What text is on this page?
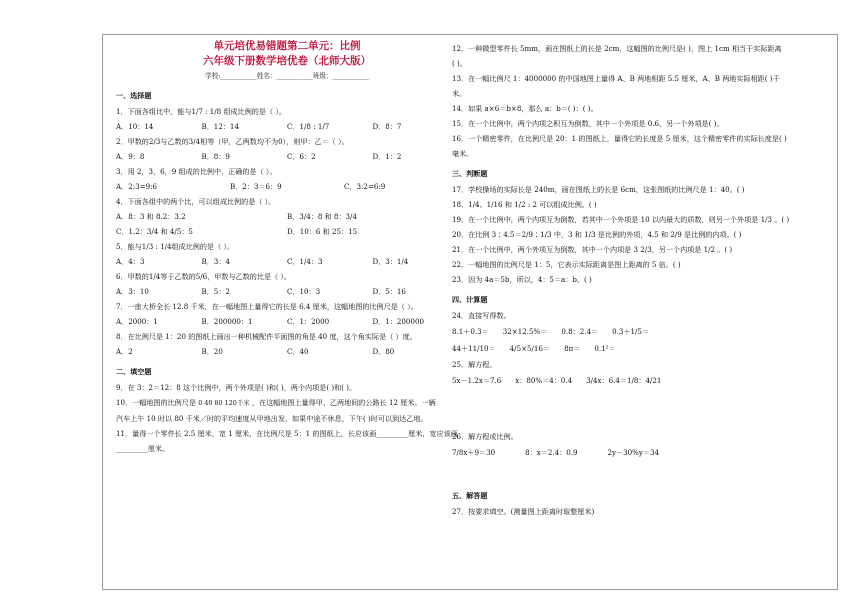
单元培优易错题第二单元：比例
六年级下册数学培优卷（北师大版）
学校:___________姓名：___________班级：___________
一、选择题
1．下面各组比中，能与1/7 : 1/8 组成比例的是（ ）。
A．10：14	B．12：14	C．1/8 : 1/7	D．8：7
2．甲数的2/3与乙数的3/4相等（甲，乙两数均不为0），则甲：乙＝（ ）。
A．9：8	B．8：9	C．6：2	D．1：2
3．用 2，3，6，9 组成的比例中，正确的是（ ）。
A．2:3=9:6	B．2：3＝6：9	C．3:2=6:9
4．下面各组中的两个比，可以组成比例的是（ ）。
A．8：3 和 8.2：3.2	B．3/4：8 和 8：3/4
C．1.2：3/4 和 4/5：5	D．10：6 和 25：15
5．能与1/3 : 1/4组成比例的是（ ）。
A．4：3	B．3：4	C．1/4：3	D．3：1/4
6．甲数的1/4等于乙数的5/6，甲数与乙数的比是（ ）。
A．3：10	B．5：2	C．10：3	D．5：16
7．一座大桥全长 12.8 千米，在一幅地图上量得它的长是 6.4 厘米，这幅地图的比例尺是（ ）。
A．2000：1	B．200000：1	C．1：2000	D．1：200000
8．在比例尺是 1：20 的图纸上画出一种机械配件平面图的角是 40 度，这个角实际是（ ）度。
A．2	B．20	C．40	D．80
二、填空题
9．在 3：2＝12：8 这个比例中，两个外项是( )和( )，两个内项是( )和( )。
10．一幅地图的比例尺是 0 40 80 120千米 ，在这幅地图上量得甲、乙两地间的公路长 12 厘米。一辆
汽车上午 10 时以 80 千米／时的平均速度从甲地出发，如果中途不休息，下午( )时可以到达乙地。
11．量得一个零件长 2.5 厘米，宽 1 厘米，在比例尺是 5：1 的图纸上，长应该画_________厘米，宽应该画
_________厘米。
12．一种微型零件长 5mm，画在图纸上的长是 2cm，这幅图的比例尺是( )，图上 1cm 相当于实际距离
( )。
13．在一幅比例尺 1：4000000 的中国地图上量得 A、B 两地相距 5.5 厘米，A、B 两地实际相距( )千
米。
14．如果 a×6＝b×8，那么 a：b＝( )：( )。
15．在一个比例中，两个内项之积互为倒数，其中一个外项是 0.6，另一个外项是( )。
16．一个精密零件，在比例尺是 20：1 的图纸上，量得它的长度是 5 厘米，这个精密零件的实际长度是( )
毫米。
三、判断题
17．学校操场的实际长是 240m，画在图纸上的长是 6cm，这张图纸的比例尺是 1：40。( )
18．1/4、1/16 和 1/2 : 2 可以组成比例。( )
19．在一个比例中，两个内项互为倒数，若其中一个外项是 10 以内最大的质数，则另一个外项是 1/3 。( )
20．在比例 3∶4.5＝2/9∶1/3 中，3 和 1/3 是比例的外项，4.5 和 2/9 是比例的内项。( )
21．在一个比例中，两个外项互为倒数，其中一个内项是 3 2/3，另一个内项是 1/2 。( )
22．一幅地图的比例尺是 1：5，它表示实际距离是图上距离的 5 倍。( )
23．因为 4a＝5b，所以，4：5＝a：b。( )
四、计算题
24．直接写得数。
8.1＋0.3＝ 32×12.5%＝ 0.8：2.4＝ 0.3＋1/5＝
44＋11/10＝ 4/5×5/16＝ 8π＝ 0.1²＝
25．解方程。
5x－1.2x＝7.6 x：80%＝4：0.4 3/4x：6.4＝1/8：4/21
26．解方程或比例。
7/8x＋9＝30	8：x＝2.4：0.9	2y－30%y＝34
五、解答题
27．按要求填空。(测量图上距离时取整厘米)
